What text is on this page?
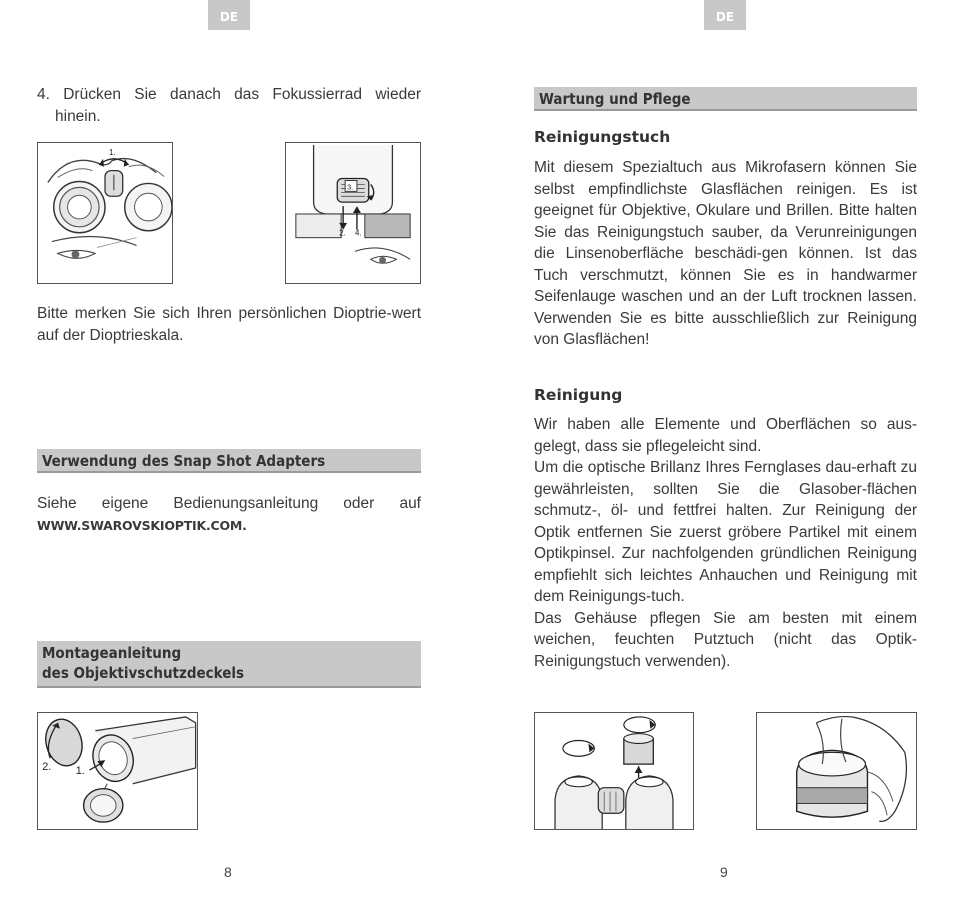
DE
4. Drücken Sie danach das Fokussierrad wieder
hinein.
1.
3.
2. 4.

Bitte merken Sie sich Ihren persönlichen Dioptrie-wert auf der Dioptrieskala.

Verwendung des Snap Shot Adapters
Siehe eigene Bedienungsanleitung oder auf
WWW.SWAROVSKIOPTIK.COM.
Montageanleitung
des Objektivschutzdeckels
2. 1.
8
DE
Wartung und Pflege
Reinigungstuch

Mit diesem Spezialtuch aus Mikrofasern können Sie selbst empfindlichste Glasflächen reinigen. Es ist geeignet für Objektive, Okulare und Brillen. Bitte halten Sie das Reinigungstuch sauber, da Verunreinigungen die Linsenoberfläche beschädi-gen können. Ist das Tuch verschmutzt, können Sie es in handwarmer Seifenlauge waschen und an der Luft trocknen lassen. Verwenden Sie es bitte ausschließlich zur Reinigung von Glasflächen!

Reinigung
Wir haben alle Elemente und Oberflächen so aus-gelegt, dass sie pflegeleicht sind.
Um die optische Brillanz Ihres Fernglases dau-erhaft zu gewährleisten, sollten Sie die Glasober-flächen schmutz-, öl- und fettfrei halten. Zur Reinigung der Optik entfernen Sie zuerst gröbere Partikel mit einem Optikpinsel. Zur nachfolgenden gründlichen Reinigung empfiehlt sich leichtes Anhauchen und Reinigung mit dem Reinigungs-tuch.
Das Gehäuse pflegen Sie am besten mit einem weichen, feuchten Putztuch (nicht das Optik-Reinigungstuch verwenden).
9
